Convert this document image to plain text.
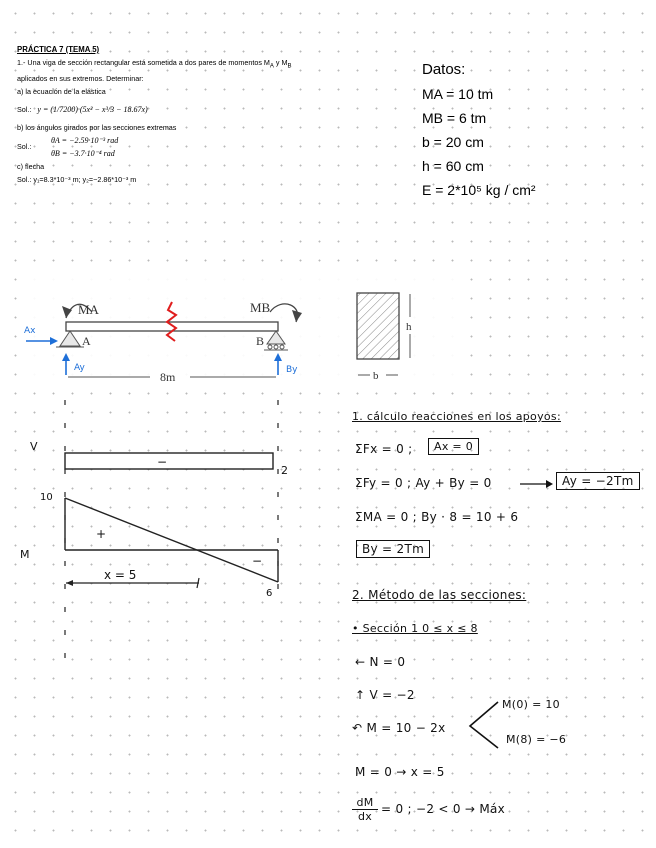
PRÁCTICA 7 (TEMA 5)
1.- Una viga de sección rectangular está sometida a dos pares de momentos $M_A$ y $M_B$
aplicados en sus extremos. Determinar:
a) la ecuación de la elástica
Sol.: y = (1/7200)·(5x² − x³/3 − 18.67x)
b) los ángulos girados por las secciones extremas
Sol.:
θA = −2.59·10⁻³ rad
θB = −3.7·10⁻⁴ rad
c) flecha
Sol.: y₁=8.3*10⁻³ m; y₂=−2.86*10⁻³ m
Datos:
MA = 10 tm
MB = 6 tm
b = 20 cm
h = 60 cm
E = 2*10⁵ kg / cm²
MA	MB
A	B
8m
Ax
Ay	By
h
b
V
−
2
10
M
+
−
6
x = 5
1. cálculo reacciones en los apoyos:
ΣFx = 0 ;	Ax = 0
ΣFy = 0 ; Ay + By = 0	Ay = −2Tm
ΣMA = 0 ; By · 8 = 10 + 6
By = 2Tm
2. Método de las secciones:
• Sección 1 0 ≤ x ≤ 8
← N = 0
↑ V = −2
↶ M = 10 − 2x
M(0) = 10
M(8) = −6
M = 0 → x = 5
$\frac{dM}{dx} = 0$ ; −2 < 0 → Máx
